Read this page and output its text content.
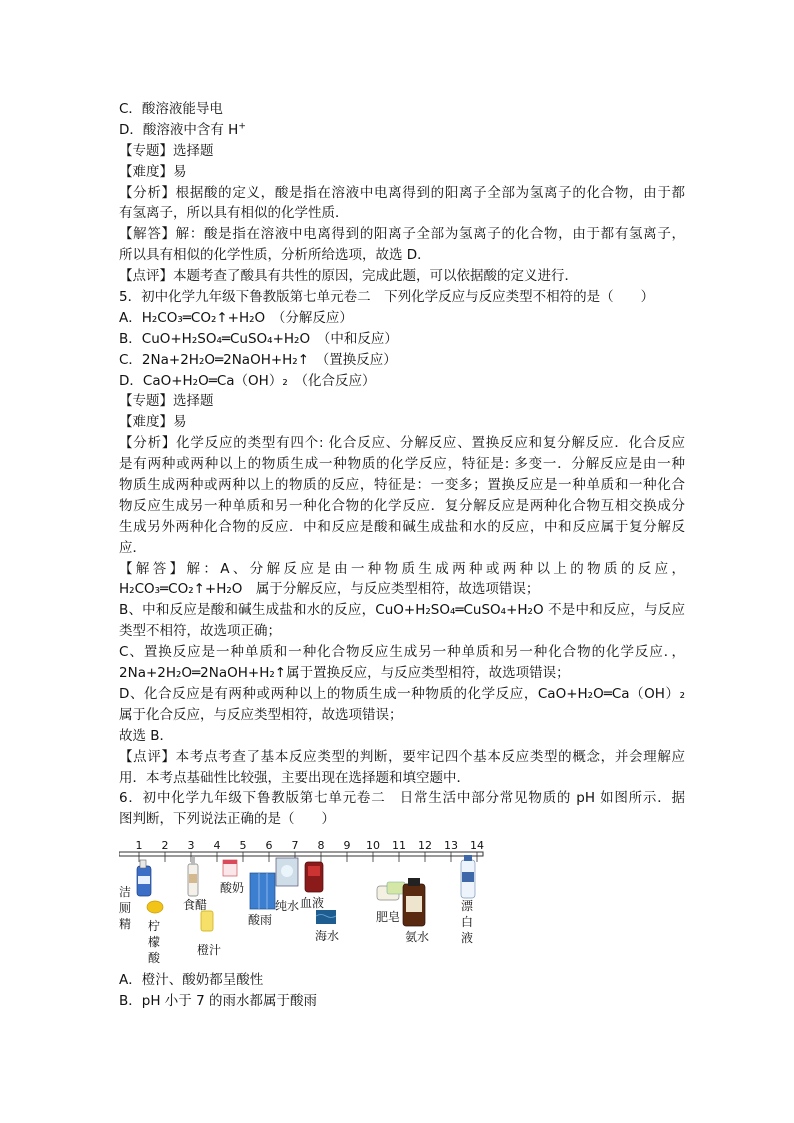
C．酸溶液能导电
D．酸溶液中含有 H+
【专题】选择题
【难度】易
【分析】根据酸的定义，酸是指在溶液中电离得到的阳离子全部为氢离子的化合物，由于都
有氢离子，所以具有相似的化学性质．
【解答】解：酸是指在溶液中电离得到的阳离子全部为氢离子的化合物，由于都有氢离子，
所以具有相似的化学性质，分析所给选项，故选 D．
【点评】本题考查了酸具有共性的原因，完成此题，可以依据酸的定义进行．
5．初中化学九年级下鲁教版第七单元卷二　下列化学反应与反应类型不相符的是（　　）
A．H₂CO₃═CO₂↑+H₂O　（分解反应）
B．CuO+H₂SO₄═CuSO₄+H₂O　（中和反应）
C．2Na+2H₂O═2NaOH+H₂↑　（置换反应）
D．CaO+H₂O═Ca（OH）₂　（化合反应）
【专题】选择题
【难度】易
【分析】化学反应的类型有四个: 化合反应、分解反应、置换反应和复分解反应．化合反应
是有两种或两种以上的物质生成一种物质的化学反应，特征是: 多变一．分解反应是由一种
物质生成两种或两种以上的物质的反应，特征是：一变多；置换反应是一种单质和一种化合
物反应生成另一种单质和另一种化合物的化学反应．复分解反应是两种化合物互相交换成分
生成另外两种化合物的反应．中和反应是酸和碱生成盐和水的反应，中和反应属于复分解反
应．
【解答】解：A、分解反应是由一种物质生成两种或两种以上的物质的反应，
H₂CO₃═CO₂↑+H₂O　属于分解反应，与反应类型相符，故选项错误；
B、中和反应是酸和碱生成盐和水的反应，CuO+H₂SO₄═CuSO₄+H₂O 不是中和反应，与反应
类型不相符，故选项正确；
C、置换反应是一种单质和一种化合物反应生成另一种单质和另一种化合物的化学反应．，
2Na+2H₂O═2NaOH+H₂↑属于置换反应，与反应类型相符，故选项错误；
D、化合反应是有两种或两种以上的物质生成一种物质的化学反应，CaO+H₂O═Ca（OH）₂
属于化合反应，与反应类型相符，故选项错误；
故选 B．
【点评】本考点考查了基本反应类型的判断，要牢记四个基本反应类型的概念，并会理解应
用．本考点基础性比较强，主要出现在选择题和填空题中．
6．初中化学九年级下鲁教版第七单元卷二　日常生活中部分常见物质的 pH 如图所示．据
图判断，下列说法正确的是（　　）
1 2 3 4 5 6 7 8 9 10 11 12 13 14
洁
厕
精 柠
檬
酸
食醋
橙汁
酸奶
酸雨
纯水 血液
海水
肥皂
氨水
漂
白
液
A．橙汁、酸奶都呈酸性
B．pH 小于 7 的雨水都属于酸雨
